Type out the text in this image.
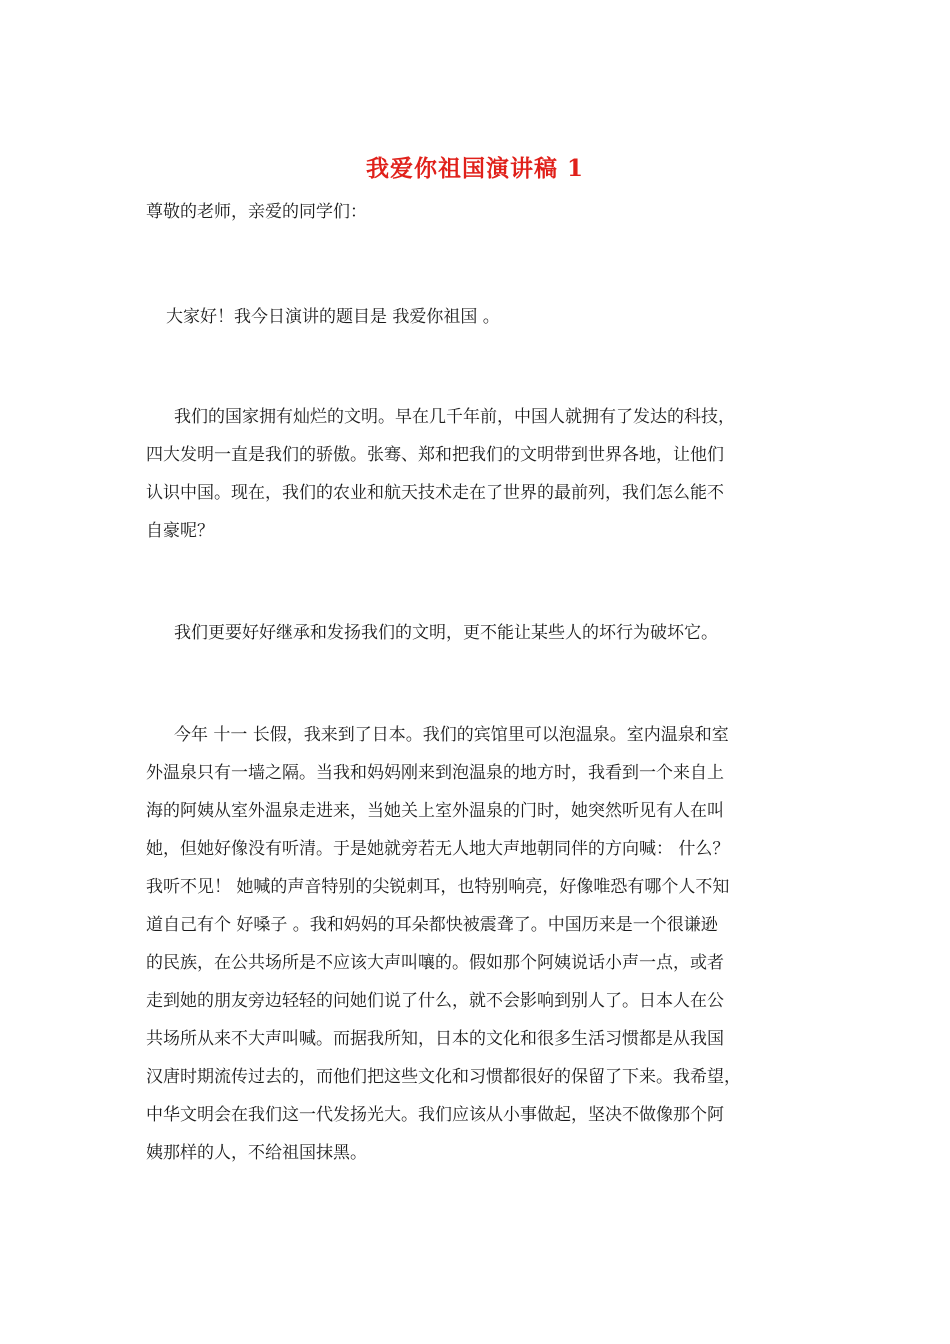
我爱你祖国演讲稿 1
尊敬的老师，亲爱的同学们：
大家好！我今日演讲的题目是 我爱你祖国 。
我们的国家拥有灿烂的文明。早在几千年前，中国人就拥有了发达的科技，
四大发明一直是我们的骄傲。张骞、郑和把我们的文明带到世界各地，让他们
认识中国。现在，我们的农业和航天技术走在了世界的最前列，我们怎么能不
自豪呢？
我们更要好好继承和发扬我们的文明，更不能让某些人的坏行为破坏它。
今年 十一 长假，我来到了日本。我们的宾馆里可以泡温泉。室内温泉和室
外温泉只有一墙之隔。当我和妈妈刚来到泡温泉的地方时，我看到一个来自上
海的阿姨从室外温泉走进来，当她关上室外温泉的门时，她突然听见有人在叫
她，但她好像没有听清。于是她就旁若无人地大声地朝同伴的方向喊： 什么？
我听不见！ 她喊的声音特别的尖锐刺耳，也特别响亮，好像唯恐有哪个人不知
道自己有个 好嗓子 。我和妈妈的耳朵都快被震聋了。中国历来是一个很谦逊
的民族，在公共场所是不应该大声叫嚷的。假如那个阿姨说话小声一点，或者
走到她的朋友旁边轻轻的问她们说了什么，就不会影响到别人了。日本人在公
共场所从来不大声叫喊。而据我所知，日本的文化和很多生活习惯都是从我国
汉唐时期流传过去的，而他们把这些文化和习惯都很好的保留了下来。我希望，
中华文明会在我们这一代发扬光大。我们应该从小事做起，坚决不做像那个阿
姨那样的人，不给祖国抹黑。
